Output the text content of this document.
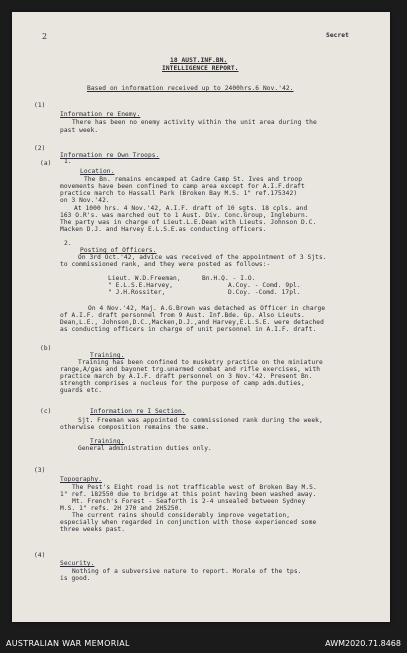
2	Secret
18 AUST.INF.BN.
INTELLIGENCE REPORT.
Based on information received up to 2400hrs.6 Nov.'42.
(1)
Information re Enemy.
There has been no enemy activity within the unit area during the
past week.
(2)
Information re Own Troops.
(a) 1.
Location.
The Bn. remains encamped at Cadre Camp St. Ives and troop
movements have been confined to camp area except for A.I.F.draft
practice march to Hassall Park (Broken Bay M.S. 1" ref.175342)
on 3 Nov.'42.
At 1000 hrs. 4 Nov.'42, A.I.F. draft of 10 sgts. 18 cpls. and
163 O.R's. was marched out to 1 Aust. Div. Conc.Group, Ingleburn.
The party was in charge of Lieut.L.E.Dean with Lieuts. Johnson D.C.
Macken D.J. and Harvey E.L.S.E.as conducting officers.
2.
Posting of Officers.
On 3rd Oct.'42, advice was received of the appointment of 3 Sjts.
to commissioned rank, and they were posted as follows:-
Lieut. W.D.Freeman,	Bn.H.Q. - I.O.
" E.L.S.E.Harvey,	A.Coy. - Comd. 9pl.
" J.H.Rossiter,	D.Coy. -Comd. 17pl.
On 4 Nov.'42, Maj. A.G.Brown was detached as Officer in charge
of A.I.F. draft personnel from 9 Aust. Inf.Bde. Gp. Also Lieuts.
Dean,L.E., Johnson,D.C.,Macken,D.J.,and Harvey,E.L.S.E. were detached
as conducting officers in charge of unit personnel in A.I.F. draft.
(b)
Training.
Training has been confined to musketry practice on the miniature
range,A/gas and bayonet trg.unarmed combat and rifle exercises, with
practice march by A.I.F. draft personnel on 3 Nov.'42. Present Bn.
strength comprises a nucleus for the purpose of camp adm.duties,
guards etc.
(c)	Information re I Section.
Sjt. Freeman was appointed to commissioned rank during the week,
otherwise composition remains the same.
Training.
General administration duties only.
(3)
Topography.
The Pest's Eight road is not trafficable west of Broken Bay M.S.
1" ref. 182550 due to bridge at this point having been washed away.
Mt. French's Forest - Seaforth is 2-4 unsealed between Sydney
M.S. 1" refs. 2H 270 and 2H5250.
The current rains should considerably improve vegetation,
especially when regarded in conjunction with those experienced some
three weeks past.
(4)
Security.
Nothing of a subversive nature to report. Morale of the tps.
is good.
AUSTRALIAN WAR MEMORIAL	AWM2020.71.8468
